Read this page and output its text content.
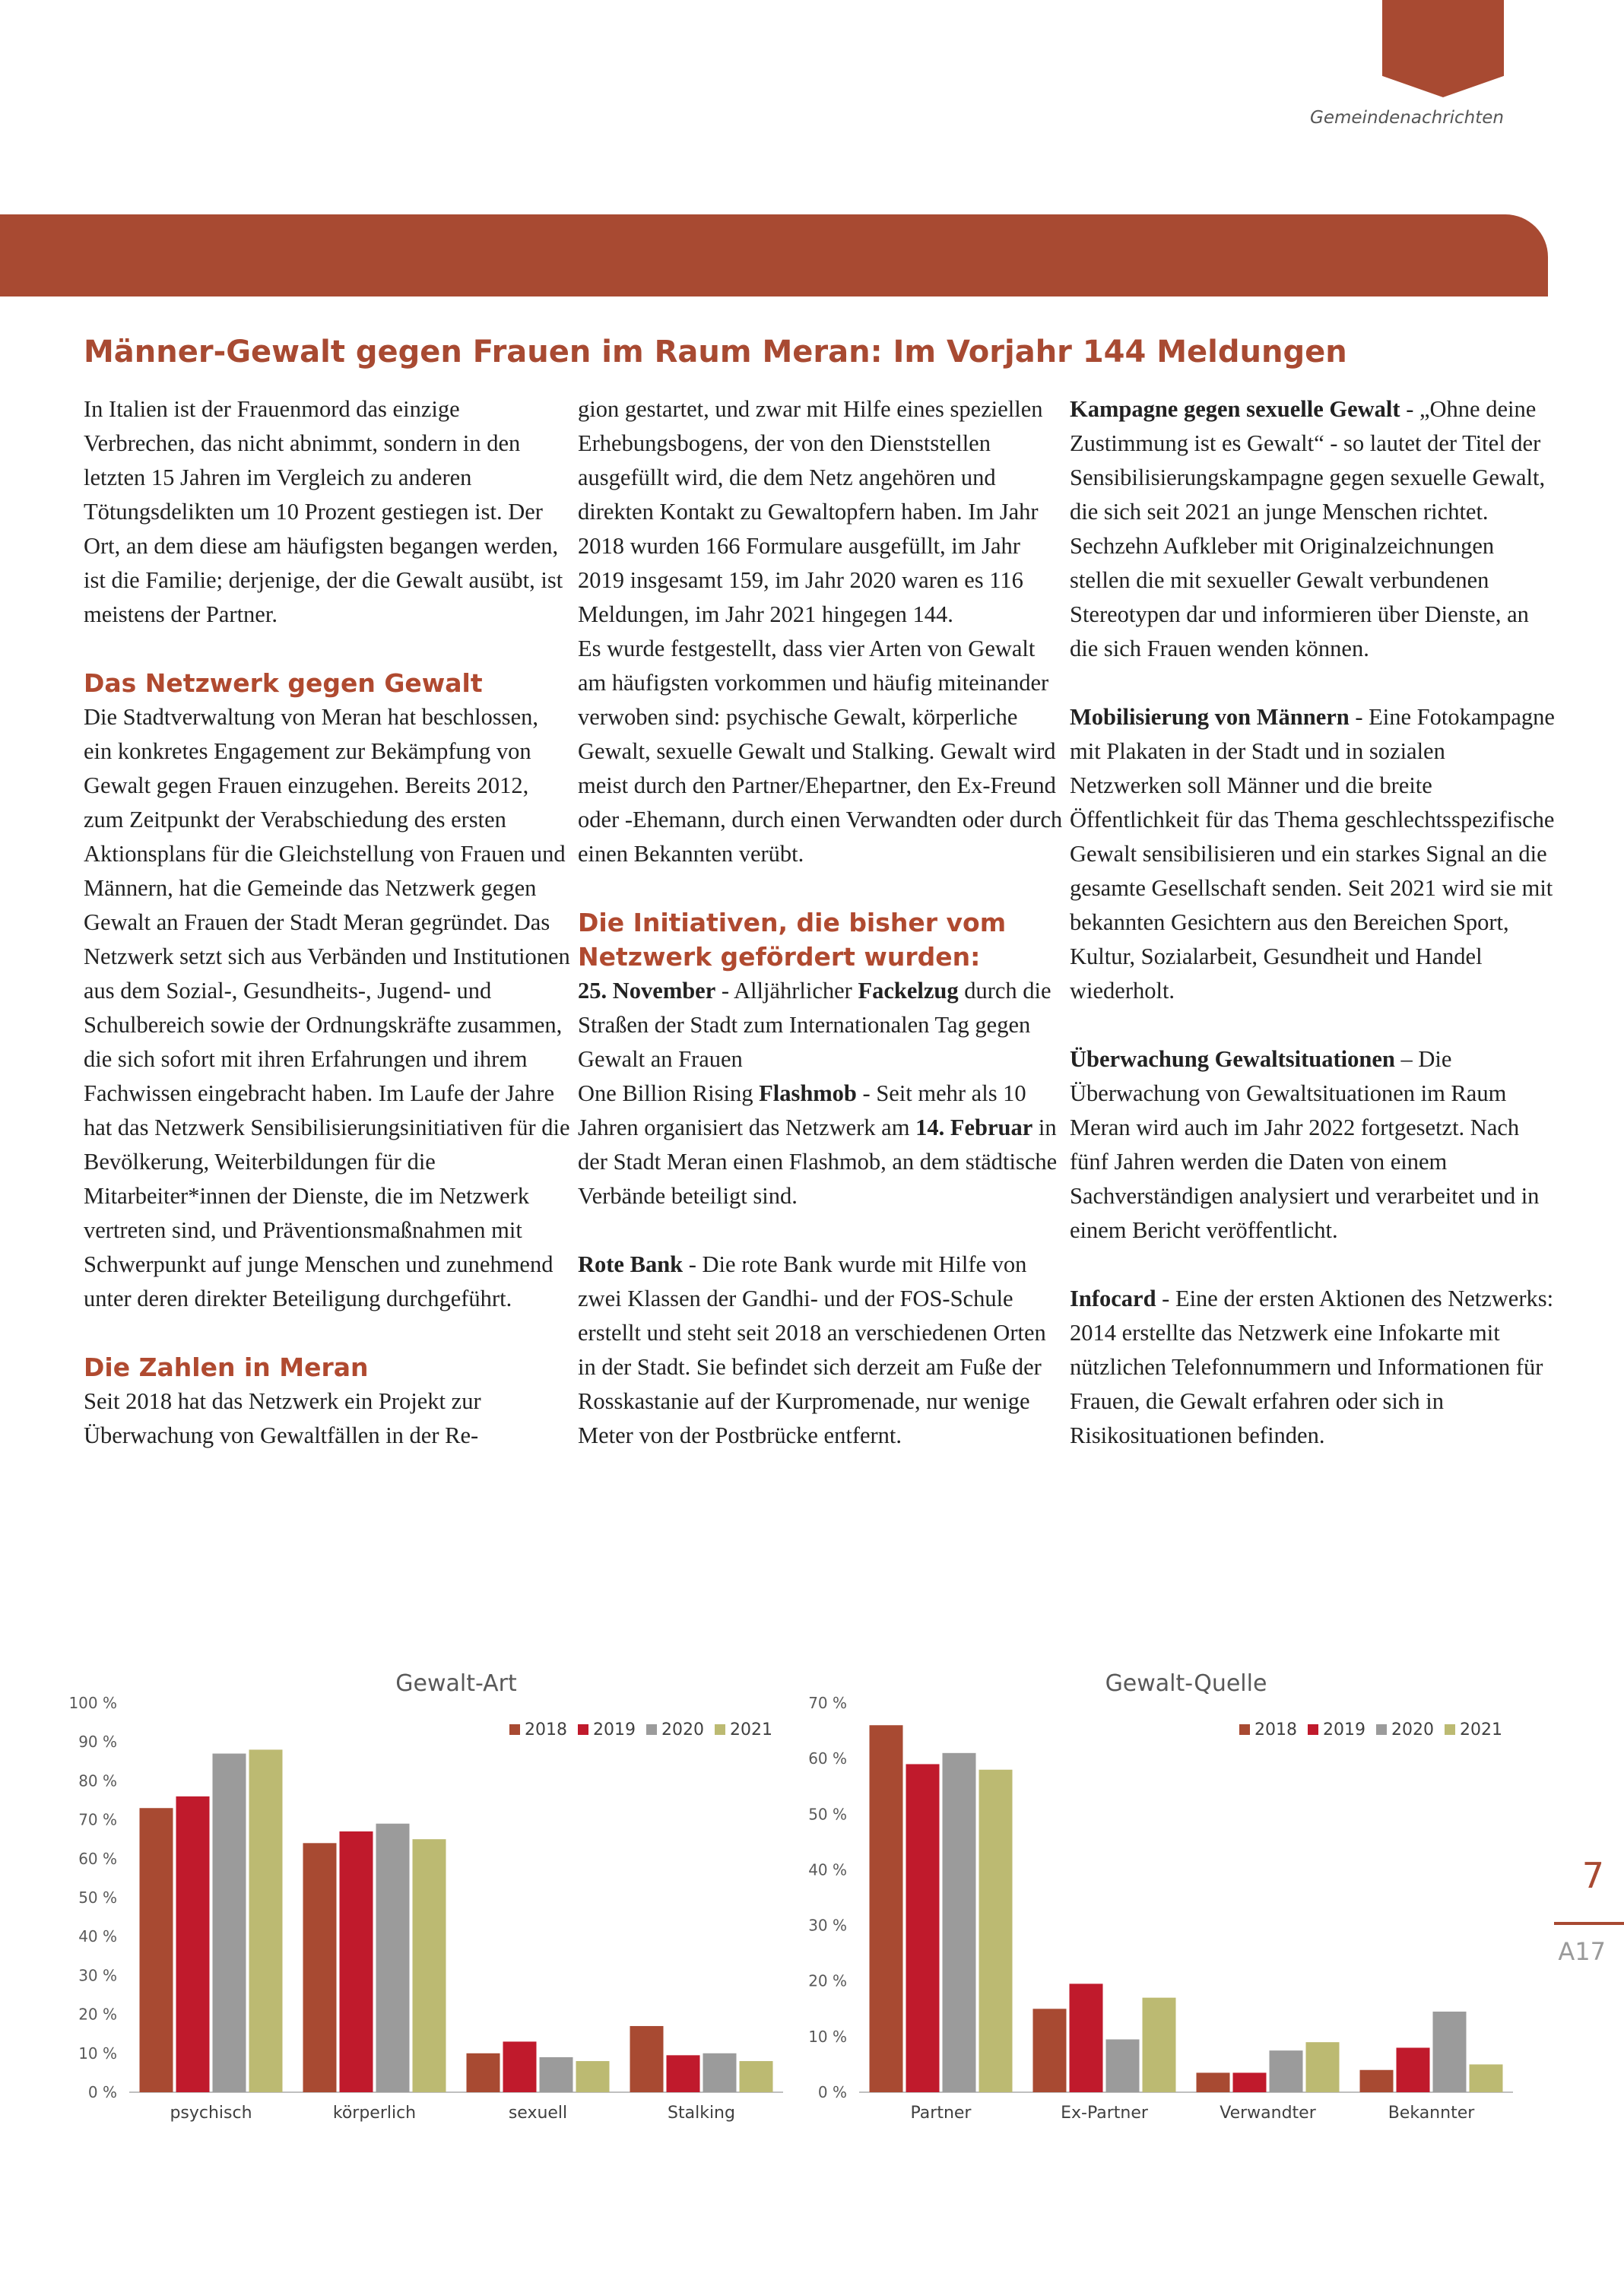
Gemeindenachrichten
Männer-Gewalt gegen Frauen im Raum Meran: Im Vorjahr 144 Meldungen

In Italien ist der Frauenmord das einzige Verbrechen, das nicht abnimmt, sondern in den letzten 15 Jahren im Vergleich zu anderen Tötungsdelikten um 10 Prozent gestiegen ist. Der Ort, an dem diese am häufigsten begangen werden, ist die Familie; derjenige, der die Gewalt ausübt, ist meistens der Partner.

Das Netzwerk gegen Gewalt

Die Stadtverwaltung von Meran hat beschlossen, ein konkretes Engagement zur Bekämpfung von Gewalt gegen Frauen einzugehen. Bereits 2012, zum Zeitpunkt der Verabschiedung des ersten Aktionsplans für die Gleichstellung von Frauen und Männern, hat die Gemeinde das Netzwerk gegen Gewalt an Frauen der Stadt Meran gegründet. Das Netzwerk setzt sich aus Verbänden und Institutionen aus dem Sozial-, Gesundheits-, Jugend- und Schulbereich sowie der Ordnungskräfte zusammen, die sich sofort mit ihren Erfahrungen und ihrem Fachwissen eingebracht haben. Im Laufe der Jahre hat das Netzwerk Sensibilisierungsinitiativen für die Bevölkerung, Weiterbildungen für die Mitarbeiter*innen der Dienste, die im Netzwerk vertreten sind, und Präventionsmaßnahmen mit Schwerpunkt auf junge Menschen und zunehmend unter deren direkter Beteiligung durchgeführt.

Die Zahlen in Meran

Seit 2018 hat das Netzwerk ein Projekt zur Überwachung von Gewaltfällen in der Re-

gion gestartet, und zwar mit Hilfe eines speziellen Erhebungsbogens, der von den Dienststellen ausgefüllt wird, die dem Netz angehören und direkten Kontakt zu Gewaltopfern haben. Im Jahr 2018 wurden 166 Formulare ausgefüllt, im Jahr 2019 insgesamt 159, im Jahr 2020 waren es 116 Meldungen, im Jahr 2021 hingegen 144.

Es wurde festgestellt, dass vier Arten von Gewalt am häufigsten vorkommen und häufig miteinander verwoben sind: psychische Gewalt, körperliche Gewalt, sexuelle Gewalt und Stalking. Gewalt wird meist durch den Partner/Ehepartner, den Ex-Freund oder -Ehemann, durch einen Verwandten oder durch einen Bekannten verübt.

Die Initiativen, die bisher vom Netzwerk gefördert wurden:

25. November - Alljährlicher Fackelzug durch die Straßen der Stadt zum Internationalen Tag gegen Gewalt an Frauen

One Billion Rising Flashmob - Seit mehr als 10 Jahren organisiert das Netzwerk am 14. Februar in der Stadt Meran einen Flashmob, an dem städtische Verbände beteiligt sind.

Rote Bank - Die rote Bank wurde mit Hilfe von zwei Klassen der Gandhi- und der FOS-Schule erstellt und steht seit 2018 an verschiedenen Orten in der Stadt. Sie befindet sich derzeit am Fuße der Rosskastanie auf der Kurpromenade, nur wenige Meter von der Postbrücke entfernt.

Kampagne gegen sexuelle Gewalt - „Ohne deine Zustimmung ist es Gewalt“ - so lautet der Titel der Sensibilisierungskampagne gegen sexuelle Gewalt, die sich seit 2021 an junge Menschen richtet. Sechzehn Aufkleber mit Originalzeichnungen stellen die mit sexueller Gewalt verbundenen Stereotypen dar und informieren über Dienste, an die sich Frauen wenden können.

Mobilisierung von Männern - Eine Fotokampagne mit Plakaten in der Stadt und in sozialen Netzwerken soll Männer und die breite Öffentlichkeit für das Thema geschlechtsspezifische Gewalt sensibilisieren und ein starkes Signal an die gesamte Gesellschaft senden. Seit 2021 wird sie mit bekannten Gesichtern aus den Bereichen Sport, Kultur, Sozialarbeit, Gesundheit und Handel wiederholt.

Überwachung Gewaltsituationen – Die Überwachung von Gewaltsituationen im Raum Meran wird auch im Jahr 2022 fortgesetzt. Nach fünf Jahren werden die Daten von einem Sachverständigen analysiert und verarbeitet und in einem Bericht veröffentlicht.

Infocard - Eine der ersten Aktionen des Netzwerks: 2014 erstellte das Netzwerk eine Infokarte mit nützlichen Telefonnummern und Informationen für Frauen, die Gewalt erfahren oder sich in Risikosituationen befinden.

Gewalt-Art
0 %
10 %
20 %
30 %
40 %
50 %
60 %
70 %
80 %
90 %
100 %
psychisch	körperlich	sexuell	Stalking
2018 2019 2020 2021
Gewalt-Quelle
0 %
10 %
20 %
30 %
40 %
50 %
60 %
70 %
Partner	Ex-Partner	Verwandter	Bekannter
2018 2019 2020 2021
7
A17
